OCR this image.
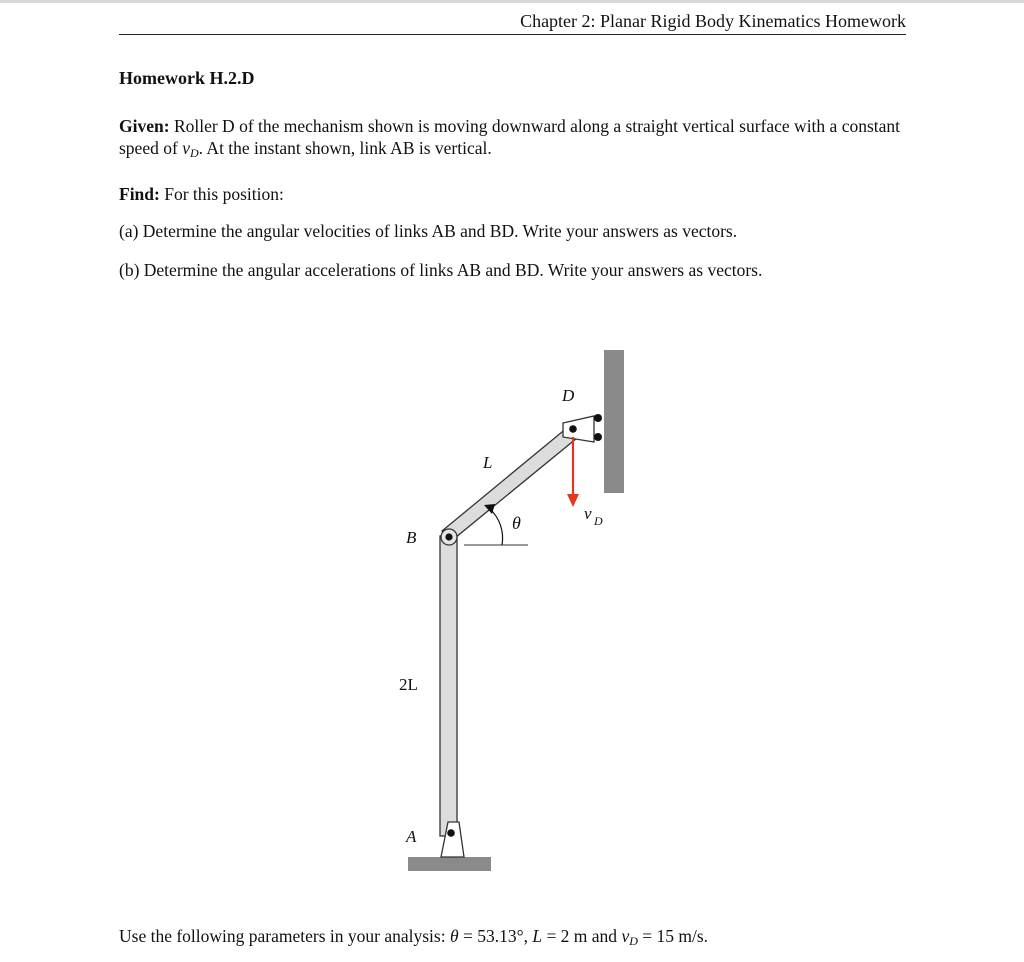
Chapter 2: Planar Rigid Body Kinematics Homework
Homework H.2.D
Given: Roller D of the mechanism shown is moving downward along a straight vertical surface with a constant speed of $v_D$. At the instant shown, link AB is vertical.
Find: For this position:
(a) Determine the angular velocities of links AB and BD. Write your answers as vectors.
(b) Determine the angular accelerations of links AB and BD. Write your answers as vectors.
D
L
θ	v D
B
2L
A
Use the following parameters in your analysis: θ = 53.13°, L = 2 m and $v_D = 15$ m/s.
